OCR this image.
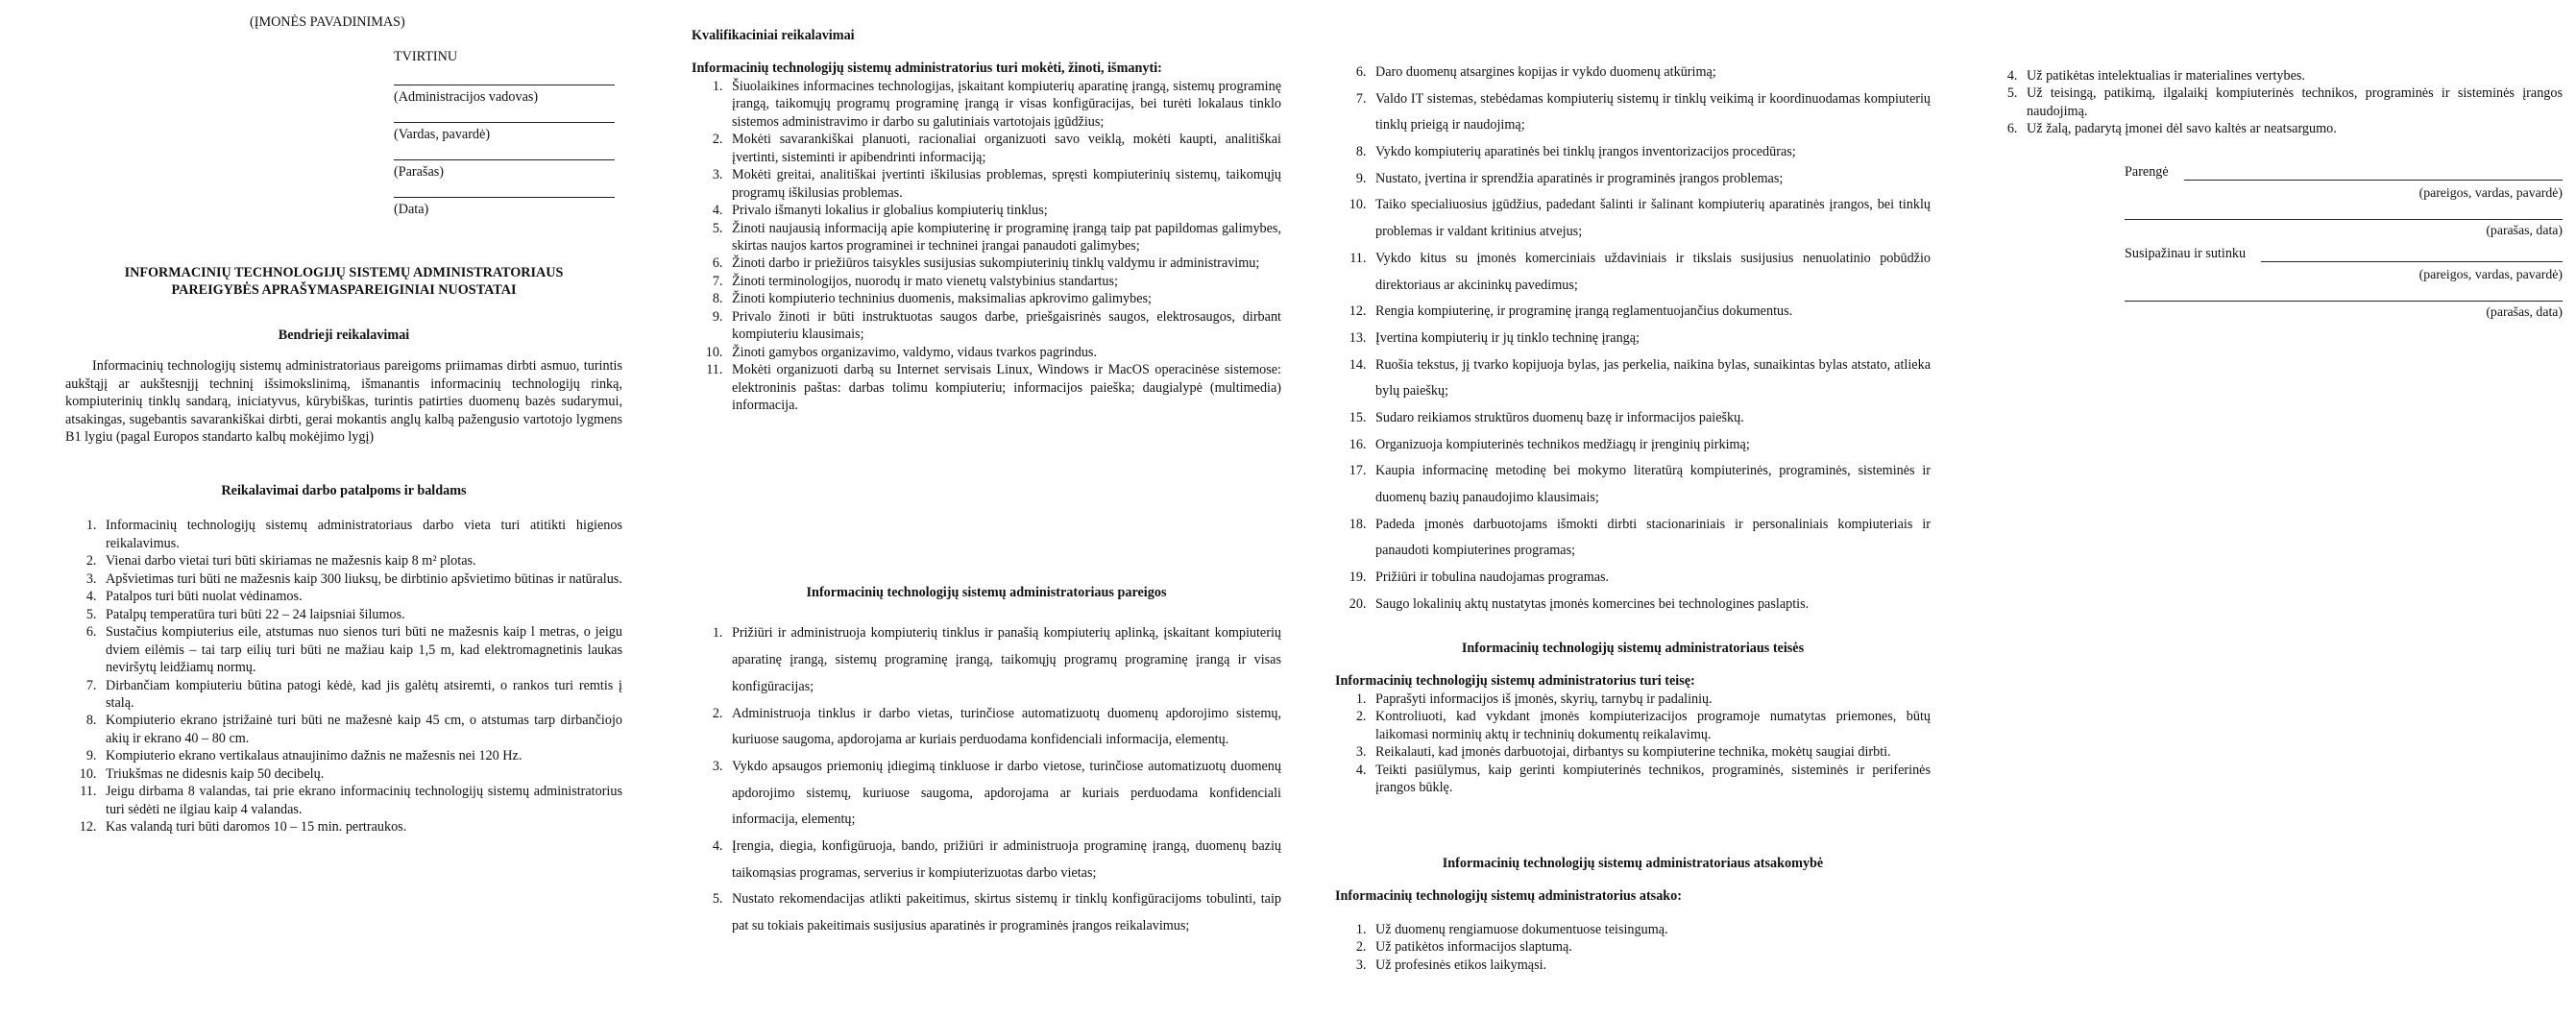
(ĮMONĖS PAVADINIMAS)
TVIRTINU
(Administracijos vadovas)
(Vardas, pavardė)
(Parašas)
(Data)
INFORMACINIŲ TECHNOLOGIJŲ SISTEMŲ ADMINISTRATORIAUS
PAREIGYBĖS APRAŠYMASPAREIGINIAI NUOSTATAI
Bendrieji reikalavimai

Informacinių technologijų sistemų administratoriaus pareigoms priimamas dirbti asmuo, turintis aukštąjį ar aukštesnįjį techninį išsimokslinimą, išmanantis informacinių technologijų rinką, kompiuterinių tinklų sandarą, iniciatyvus, kūrybiškas, turintis patirties duomenų bazės sudarymui, atsakingas, sugebantis savarankiškai dirbti, gerai mokantis anglų kalbą pažengusio vartotojo lygmens B1 lygiu (pagal Europos standarto kalbų mokėjimo lygį)

Reikalavimai darbo patalpoms ir baldams
1. Informacinių technologijų sistemų administratoriaus darbo vieta turi atitikti higienos reikalavimus.
2. Vienai darbo vietai turi būti skiriamas ne mažesnis kaip 8 m² plotas.
3. Apšvietimas turi būti ne mažesnis kaip 300 liuksų, be dirbtinio apšvietimo būtinas ir natūralus.
4. Patalpos turi būti nuolat vėdinamos.
5. Patalpų temperatūra turi būti 22 – 24 laipsniai šilumos.
6. Sustačius kompiuterius eile, atstumas nuo sienos turi būti ne mažesnis kaip l metras, o jeigu dviem eilėmis – tai tarp eilių turi būti ne mažiau kaip 1,5 m, kad elektromagnetinis laukas neviršytų leidžiamų normų.
7. Dirbančiam kompiuteriu būtina patogi kėdė, kad jis galėtų atsiremti, o rankos turi remtis į stalą.
8. Kompiuterio ekrano įstrižainė turi būti ne mažesnė kaip 45 cm, o atstumas tarp dirbančiojo akių ir ekrano 40 – 80 cm.
9. Kompiuterio ekrano vertikalaus atnaujinimo dažnis ne mažesnis nei 120 Hz.
10. Triukšmas ne didesnis kaip 50 decibelų.
11. Jeigu dirbama 8 valandas, tai prie ekrano informacinių technologijų sistemų administratorius turi sėdėti ne ilgiau kaip 4 valandas.
12. Kas valandą turi būti daromos 10 – 15 min. pertraukos.
Kvalifikaciniai reikalavimai
Informacinių technologijų sistemų administratorius turi mokėti, žinoti, išmanyti:
1. Šiuolaikines informacines technologijas, įskaitant kompiuterių aparatinę įrangą, sistemų programinę įrangą, taikomųjų programų programinę įrangą ir visas konfigūracijas, bei turėti lokalaus tinklo sistemos administravimo ir darbo su galutiniais vartotojais įgūdžius;
2. Mokėti savarankiškai planuoti, racionaliai organizuoti savo veiklą, mokėti kaupti, analitiškai įvertinti, sisteminti ir apibendrinti informaciją;
3. Mokėti greitai, analitiškai įvertinti iškilusias problemas, spręsti kompiuterinių sistemų, taikomųjų programų iškilusias problemas.
4. Privalo išmanyti lokalius ir globalius kompiuterių tinklus;
5. Žinoti naujausią informaciją apie kompiuterinę ir programinę įrangą taip pat papildomas galimybes, skirtas naujos kartos programinei ir techninei įrangai panaudoti galimybes;
6. Žinoti darbo ir priežiūros taisykles susijusias sukompiuterinių tinklų valdymu ir administravimu;
7. Žinoti terminologijos, nuorodų ir mato vienetų valstybinius standartus;
8. Žinoti kompiuterio techninius duomenis, maksimalias apkrovimo galimybes;
9. Privalo žinoti ir būti instruktuotas saugos darbe, priešgaisrinės saugos, elektrosaugos, dirbant kompiuteriu klausimais;
10. Žinoti gamybos organizavimo, valdymo, vidaus tvarkos pagrindus.
11. Mokėti organizuoti darbą su Internet servisais Linux, Windows ir MacOS operacinėse sistemose: elektroninis paštas: darbas tolimu kompiuteriu; informacijos paieška; daugialypė (multimedia) informacija.
Informacinių technologijų sistemų administratoriaus pareigos
1. Prižiūri ir administruoja kompiuterių tinklus ir panašią kompiuterių aplinką, įskaitant kompiuterių aparatinę įrangą, sistemų programinę įrangą, taikomųjų programų programinę įrangą ir visas konfigūracijas;
2. Administruoja tinklus ir darbo vietas, turinčiose automatizuotų duomenų apdorojimo sistemų, kuriuose saugoma, apdorojama ar kuriais perduodama konfidenciali informacija, elementų.
3. Vykdo apsaugos priemonių įdiegimą tinkluose ir darbo vietose, turinčiose automatizuotų duomenų apdorojimo sistemų, kuriuose saugoma, apdorojama ar kuriais perduodama konfidenciali informacija, elementų;
4. Įrengia, diegia, konfigūruoja, bando, prižiūri ir administruoja programinę įrangą, duomenų bazių taikomąsias programas, serverius ir kompiuterizuotas darbo vietas;
5. Nustato rekomendacijas atlikti pakeitimus, skirtus sistemų ir tinklų konfigūracijoms tobulinti, taip pat su tokiais pakeitimais susijusius aparatinės ir programinės įrangos reikalavimus;
6. Daro duomenų atsargines kopijas ir vykdo duomenų atkūrimą;
7. Valdo IT sistemas, stebėdamas kompiuterių sistemų ir tinklų veikimą ir koordinuodamas kompiuterių tinklų prieigą ir naudojimą;
8. Vykdo kompiuterių aparatinės bei tinklų įrangos inventorizacijos procedūras;
9. Nustato, įvertina ir sprendžia aparatinės ir programinės įrangos problemas;
10. Taiko specialiuosius įgūdžius, padedant šalinti ir šalinant kompiuterių aparatinės įrangos, bei tinklų problemas ir valdant kritinius atvejus;
11. Vykdo kitus su įmonės komerciniais uždaviniais ir tikslais susijusius nenuolatinio pobūdžio direktoriaus ar akcininkų pavedimus;
12. Rengia kompiuterinę, ir programinę įrangą reglamentuojančius dokumentus.
13. Įvertina kompiuterių ir jų tinklo techninę įrangą;
14. Ruošia tekstus, jį tvarko kopijuoja bylas, jas perkelia, naikina bylas, sunaikintas bylas atstato, atlieka bylų paieškų;
15. Sudaro reikiamos struktūros duomenų bazę ir informacijos paieškų.
16. Organizuoja kompiuterinės technikos medžiagų ir įrenginių pirkimą;
17. Kaupia informacinę metodinę bei mokymo literatūrą kompiuterinės, programinės, sisteminės ir duomenų bazių panaudojimo klausimais;
18. Padeda įmonės darbuotojams išmokti dirbti stacionariniais ir personaliniais kompiuteriais ir panaudoti kompiuterines programas;
19. Prižiūri ir tobulina naudojamas programas.
20. Saugo lokalinių aktų nustatytas įmonės komercines bei technologines paslaptis.
Informacinių technologijų sistemų administratoriaus teisės
Informacinių technologijų sistemų administratorius turi teisę:
1. Paprašyti informacijos iš įmonės, skyrių, tarnybų ir padalinių.
2. Kontroliuoti, kad vykdant įmonės kompiuterizacijos programoje numatytas priemones, būtų laikomasi norminių aktų ir techninių dokumentų reikalavimų.
3. Reikalauti, kad įmonės darbuotojai, dirbantys su kompiuterine technika, mokėtų saugiai dirbti.
4. Teikti pasiūlymus, kaip gerinti kompiuterinės technikos, programinės, sisteminės ir periferinės įrangos būklę.
Informacinių technologijų sistemų administratoriaus atsakomybė
Informacinių technologijų sistemų administratorius atsako:
1. Už duomenų rengiamuose dokumentuose teisingumą.
2. Už patikėtos informacijos slaptumą.
3. Už profesinės etikos laikymąsi.
4. Už patikėtas intelektualias ir materialines vertybes.
5. Už teisingą, patikimą, ilgalaikį kompiuterinės technikos, programinės ir sisteminės įrangos naudojimą.
6. Už žalą, padarytą įmonei dėl savo kaltės ar neatsargumo.
Parengė
(pareigos, vardas, pavardė)
(parašas, data)
Susipažinau ir sutinku
(pareigos, vardas, pavardė)
(parašas, data)
